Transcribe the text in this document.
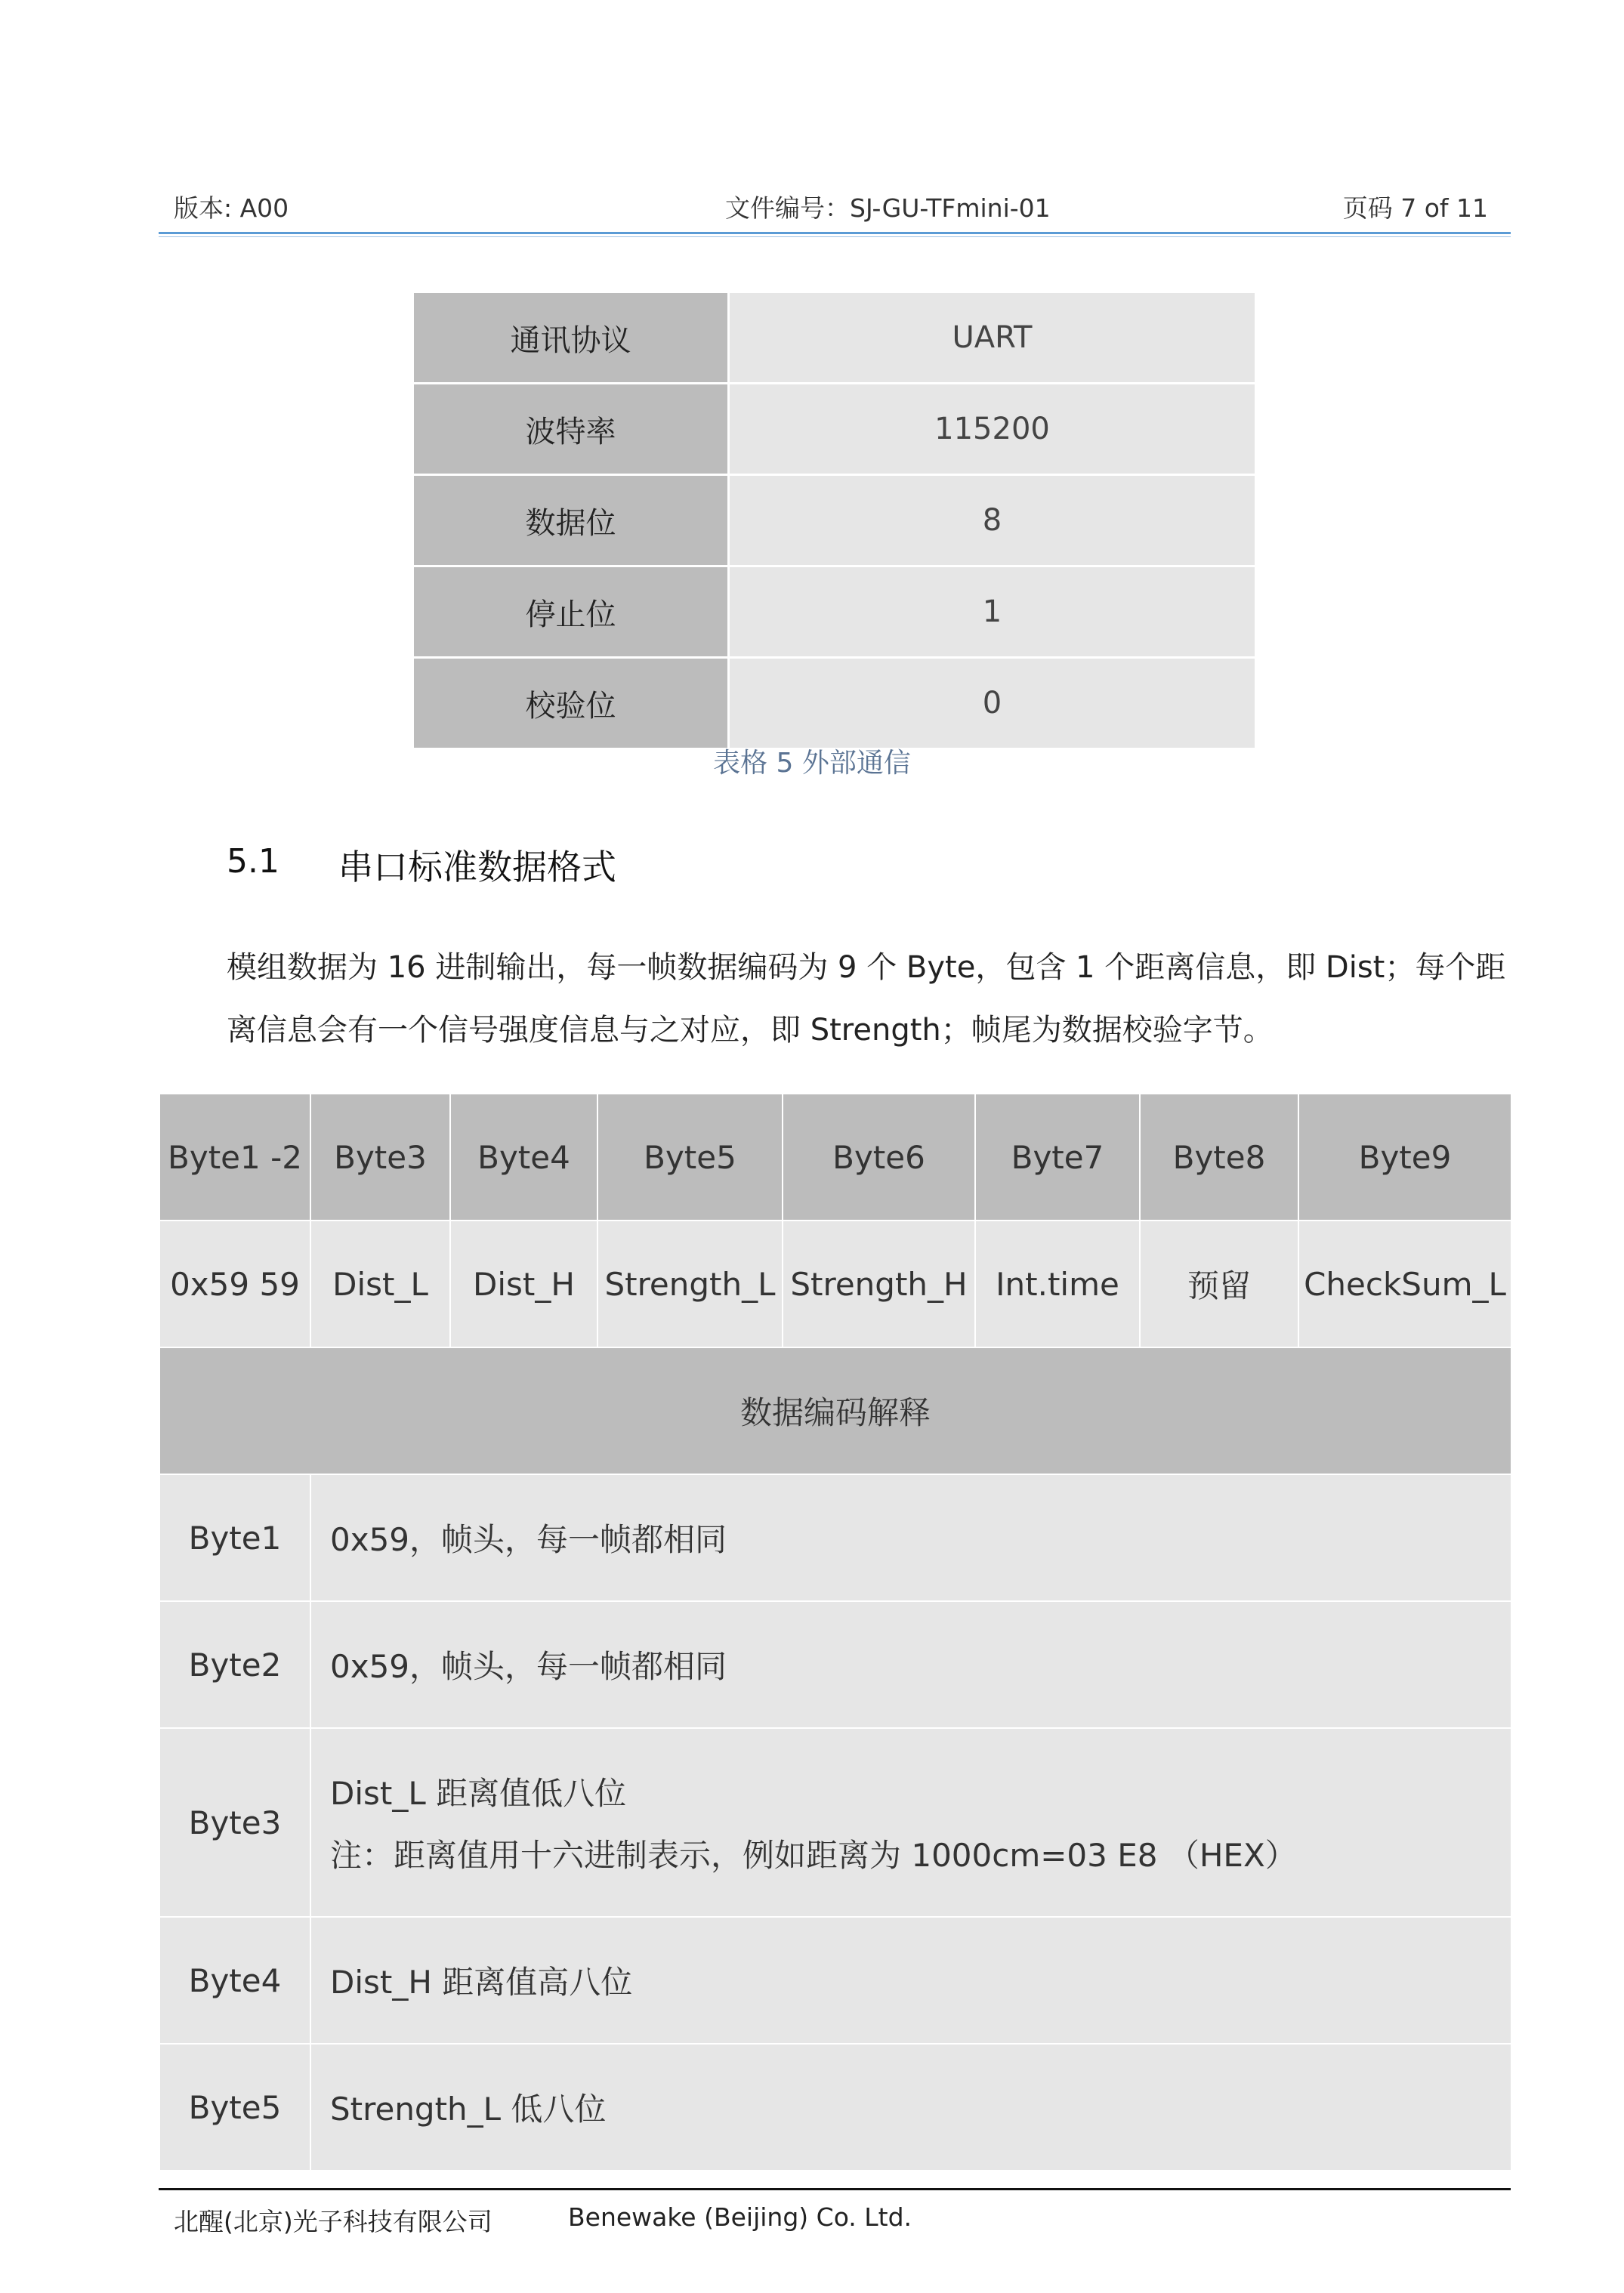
版本: A00	文件编号：SJ-GU-TFmini-01	页码 7 of 11
通讯协议	UART
波特率	115200
数据位	8
停止位	1
校验位	0
表格 5 外部通信
5.1 串口标准数据格式
模组数据为 16 进制输出，每一帧数据编码为 9 个 Byte，包含 1 个距离信息，即 Dist；每个距离信息会有一个信号强度信息与之对应，即 Strength；帧尾为数据校验字节。
Byte1 -2	Byte3	Byte4	Byte5	Byte6	Byte7	Byte8	Byte9
0x59 59	Dist_L	Dist_H	Strength_L	Strength_H	Int.time	预留	CheckSum_L
数据编码解释							
Byte1	0x59，帧头，每一帧都相同						
Byte2	0x59，帧头，每一帧都相同						
Byte3	Dist_L 距离值低八位
注：距离值用十六进制表示，例如距离为 1000cm=03 E8 （HEX）						

Byte4	Dist_H 距离值高八位						
Byte5	Strength_L 低八位						
北醒(北京)光子科技有限公司	Benewake (Beijing) Co. Ltd.
